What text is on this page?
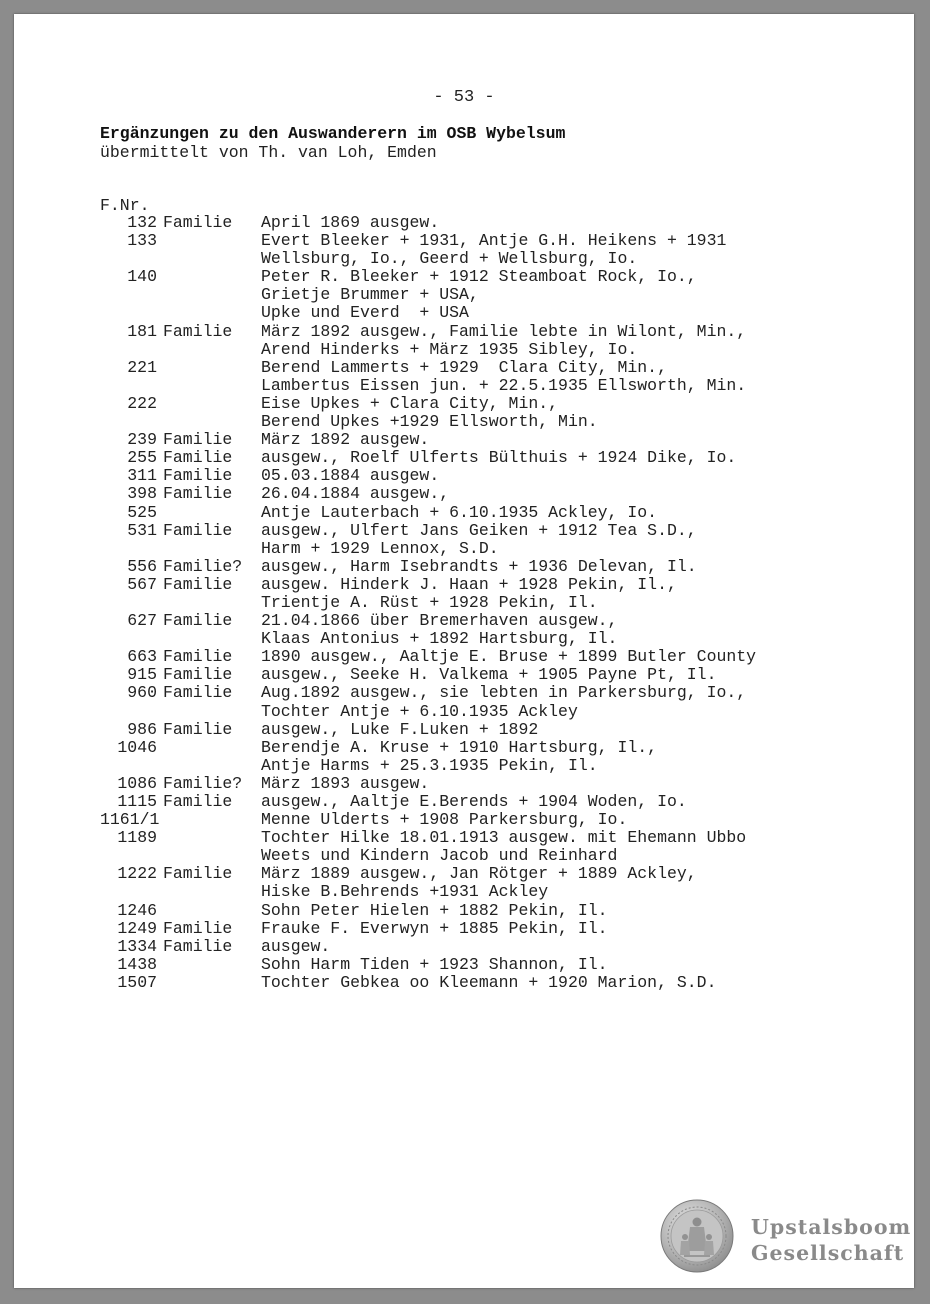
- 53 -
Ergänzungen zu den Auswanderern im OSB Wybelsum
übermittelt von Th. van Loh, Emden
F.Nr.
132 Familie	April 1869 ausgew.
133	Evert Bleeker + 1931, Antje G.H. Heikens + 1931
Wellsburg, Io., Geerd + Wellsburg, Io.
140	Peter R. Bleeker + 1912 Steamboat Rock, Io.,
Grietje Brummer + USA,
Upke und Everd  + USA
181 Familie	März 1892 ausgew., Familie lebte in Wilont, Min.,
Arend Hinderks + März 1935 Sibley, Io.
221	Berend Lammerts + 1929  Clara City, Min.,
Lambertus Eissen jun. + 22.5.1935 Ellsworth, Min.
222	Eise Upkes + Clara City, Min.,
Berend Upkes +1929 Ellsworth, Min.
239 Familie	März 1892 ausgew.
255 Familie	ausgew., Roelf Ulferts Bülthuis + 1924 Dike, Io.
311 Familie	05.03.1884 ausgew.
398 Familie	26.04.1884 ausgew.,
525	Antje Lauterbach + 6.10.1935 Ackley, Io.
531 Familie	ausgew., Ulfert Jans Geiken + 1912 Tea S.D.,
Harm + 1929 Lennox, S.D.
556 Familie?	ausgew., Harm Isebrandts + 1936 Delevan, Il.
567 Familie	ausgew. Hinderk J. Haan + 1928 Pekin, Il.,
Trientje A. Rüst + 1928 Pekin, Il.
627 Familie	21.04.1866 über Bremerhaven ausgew.,
Klaas Antonius + 1892 Hartsburg, Il.
663 Familie	1890 ausgew., Aaltje E. Bruse + 1899 Butler County
915 Familie	ausgew., Seeke H. Valkema + 1905 Payne Pt, Il.
960 Familie	Aug.1892 ausgew., sie lebten in Parkersburg, Io.,
Tochter Antje + 6.10.1935 Ackley
986 Familie	ausgew., Luke F.Luken + 1892
1046	Berendje A. Kruse + 1910 Hartsburg, Il.,
Antje Harms + 25.3.1935 Pekin, Il.
1086 Familie?	März 1893 ausgew.
1115 Familie	ausgew., Aaltje E.Berends + 1904 Woden, Io.
1161/1	Menne Ulderts + 1908 Parkersburg, Io.
1189	Tochter Hilke 18.01.1913 ausgew. mit Ehemann Ubbo
Weets und Kindern Jacob und Reinhard
1222 Familie	März 1889 ausgew., Jan Rötger + 1889 Ackley,
Hiske B.Behrends +1931 Ackley
1246	Sohn Peter Hielen + 1882 Pekin, Il.
1249 Familie	Frauke F. Everwyn + 1885 Pekin, Il.
1334 Familie	ausgew.
1438	Sohn Harm Tiden + 1923 Shannon, Il.
1507	Tochter Gebkea oo Kleemann + 1920 Marion, S.D.
Upstalsboom
Gesellschaft
